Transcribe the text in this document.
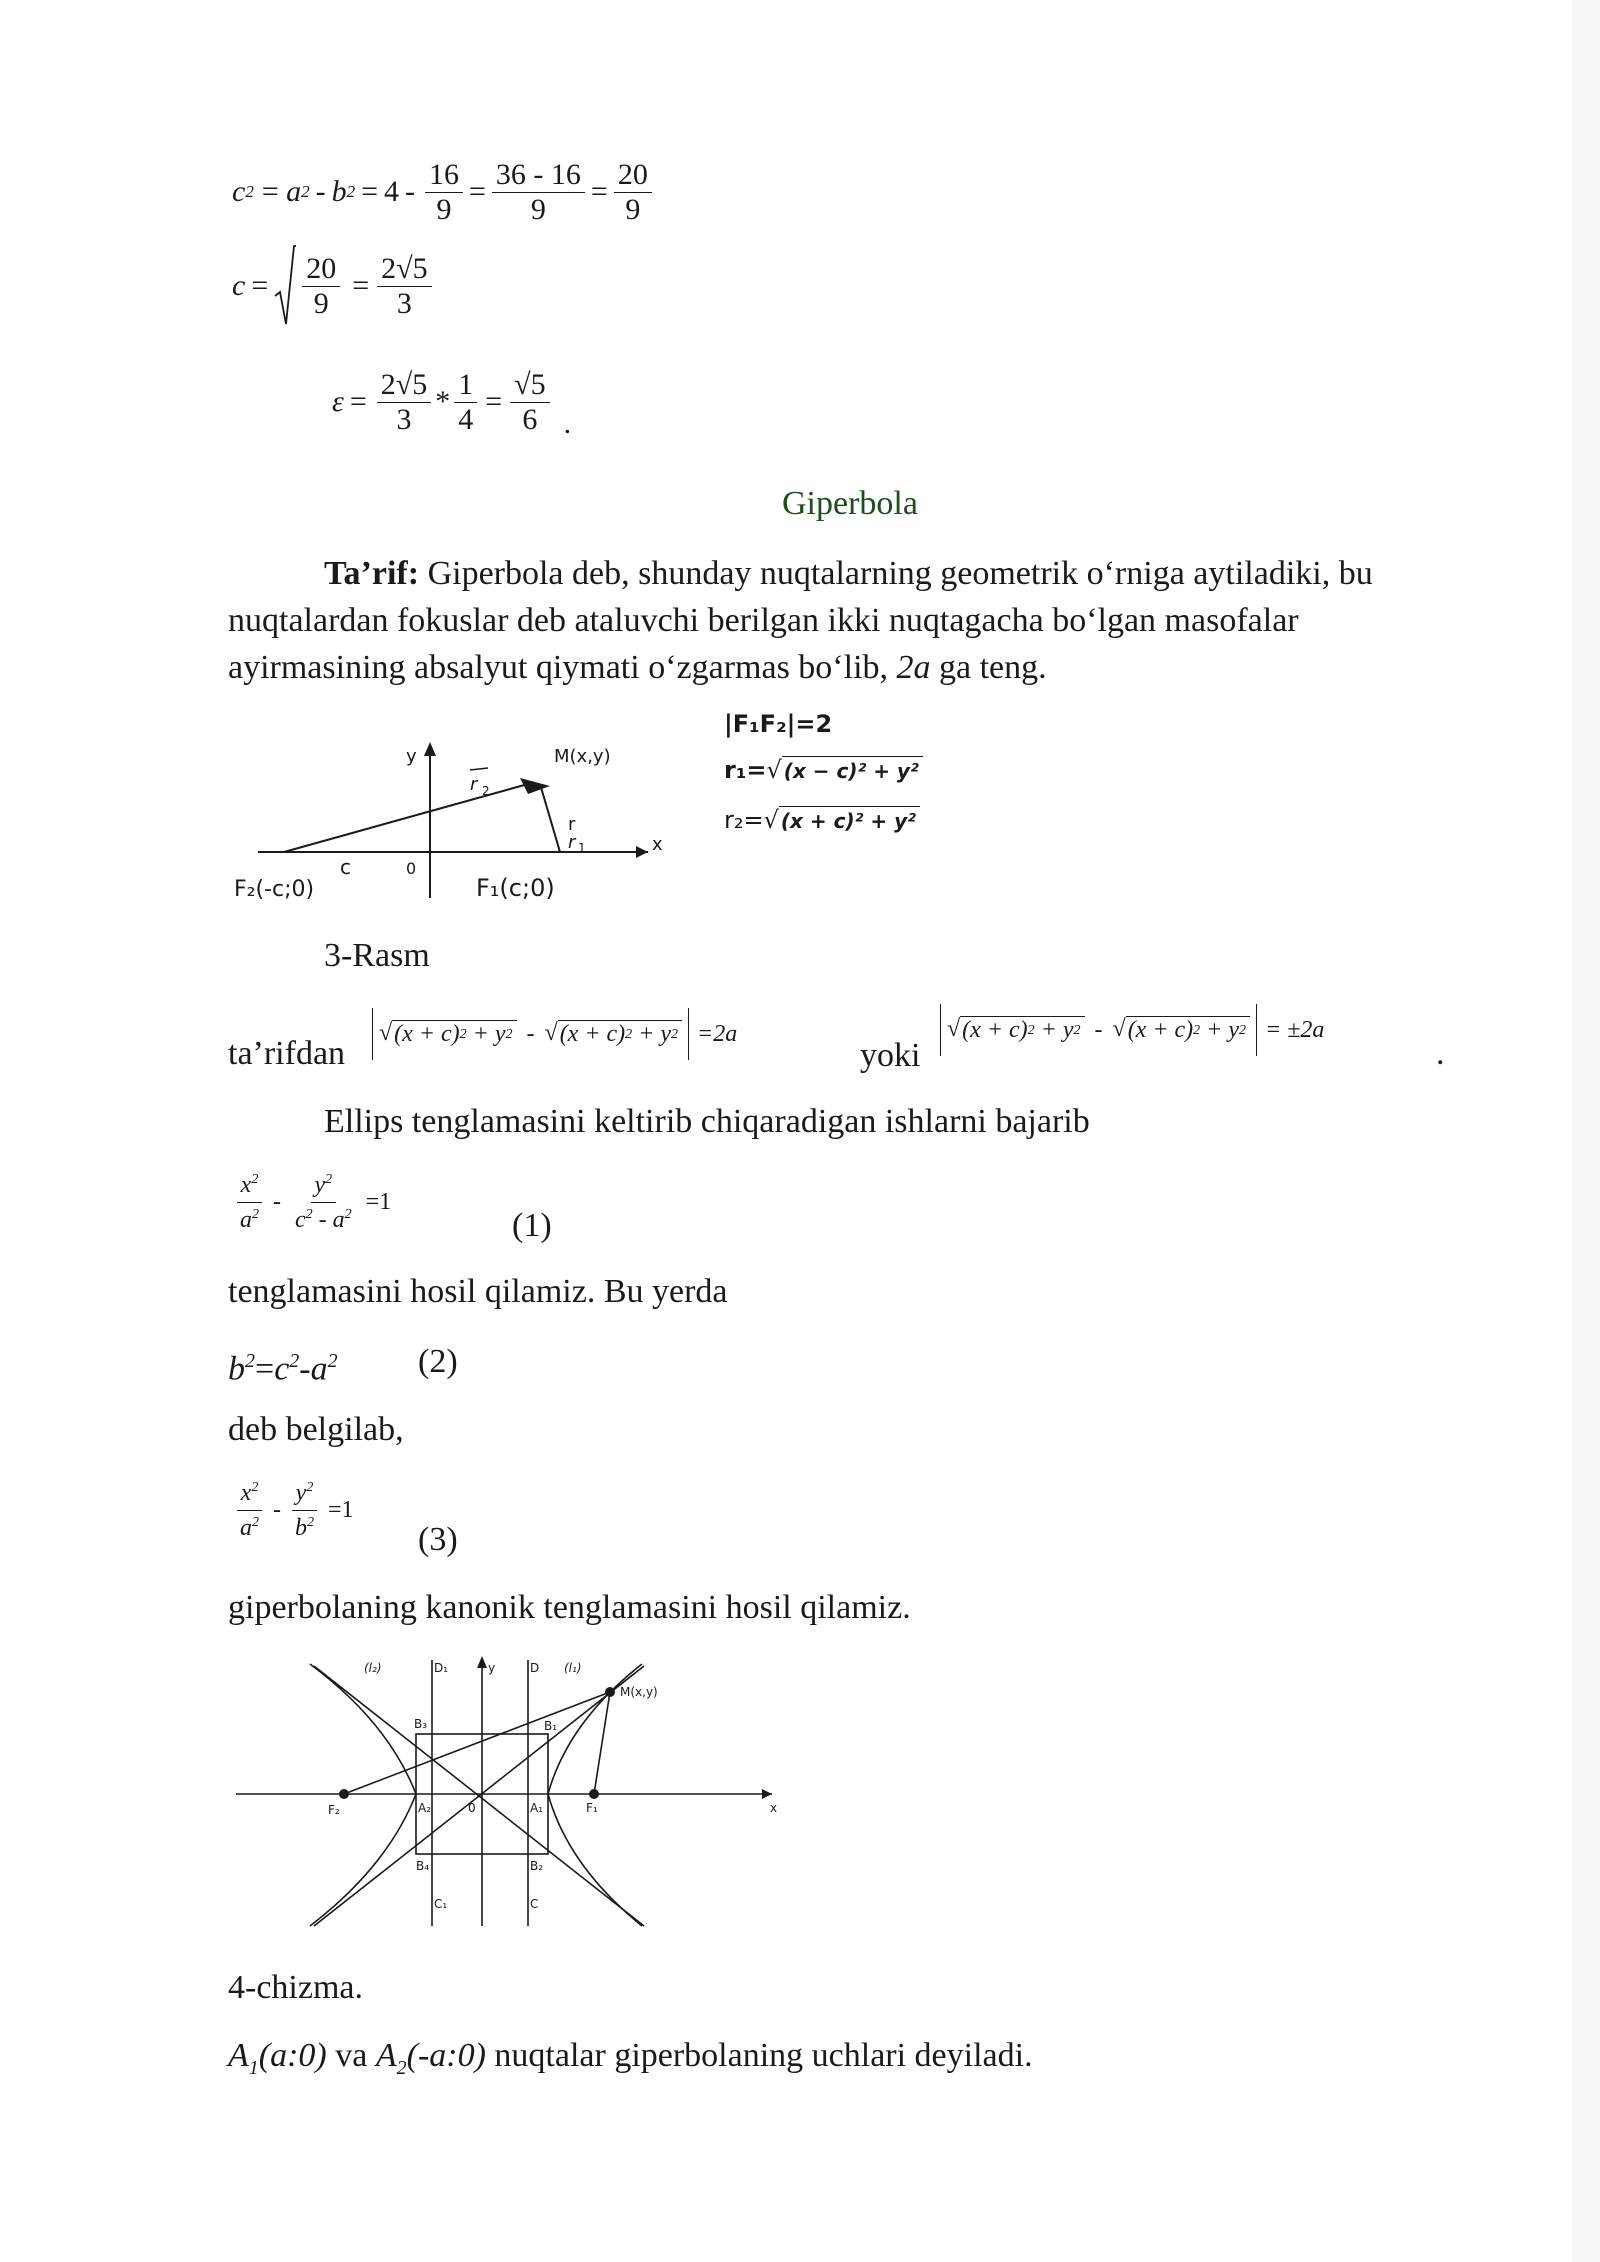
c 2 = a 2 - b $2 = 4 - \frac{16}{9} = \frac{36 - 16}{9} = \frac{20}{9}$
$c = \frac{20}{9} = \frac{2√5}{3}$
$\varepsilon = \frac{2√5}{3} * \frac{1}{4} = \frac{√5}{6}$ .
Giperbola
Ta’rif: Giperbola deb, shunday nuqtalarning geometrik o‘rniga aytiladiki, bu
nuqtalardan fokuslar deb ataluvchi berilgan ikki nuqtagacha bo‘lgan masofalar
ayirmasining absalyut qiymati o‘zgarmas bo‘lib, 2a ga teng.
y
x
M(x,y)
r 2
r
r 1
c	0
F₂(-c;0)	F₁(c;0)
|F₁F₂|=2
r₁= √ (x − c)² + y²
r₂= √ (x + c)² + y²
3-Rasm
ta’rifdan
√ (x + c) 2 + y 2 - √ (x + c) 2 + y 2 =2a
yoki
√ (x + c) 2 + y 2 - √ (x + c) 2 + y 2 = ±2a
.
Ellips tenglamasini keltirib chiqaradigan ishlarni bajarib
$\frac{x^2}{a^2} - \frac{y^2}{c^2 - a^2} =1$
(1)
tenglamasini hosil qilamiz. Bu yerda
$b^2=c^2-a^2$ (2)
deb belgilab,
$\frac{x^2}{a^2} - \frac{y^2}{b^2} =1$
(3)
giperbolaning kanonik tenglamasini hosil qilamiz.
(l₂)	D₁	y	D (l₁)
M(x,y)
B₃	B₁
F₂	A₂	0	A₁	F₁	x
B₄	B₂
C₁	C
4-chizma.
$A_1(a:0)$ va $A_2(-a:0)$ nuqtalar giperbolaning uchlari deyiladi.
